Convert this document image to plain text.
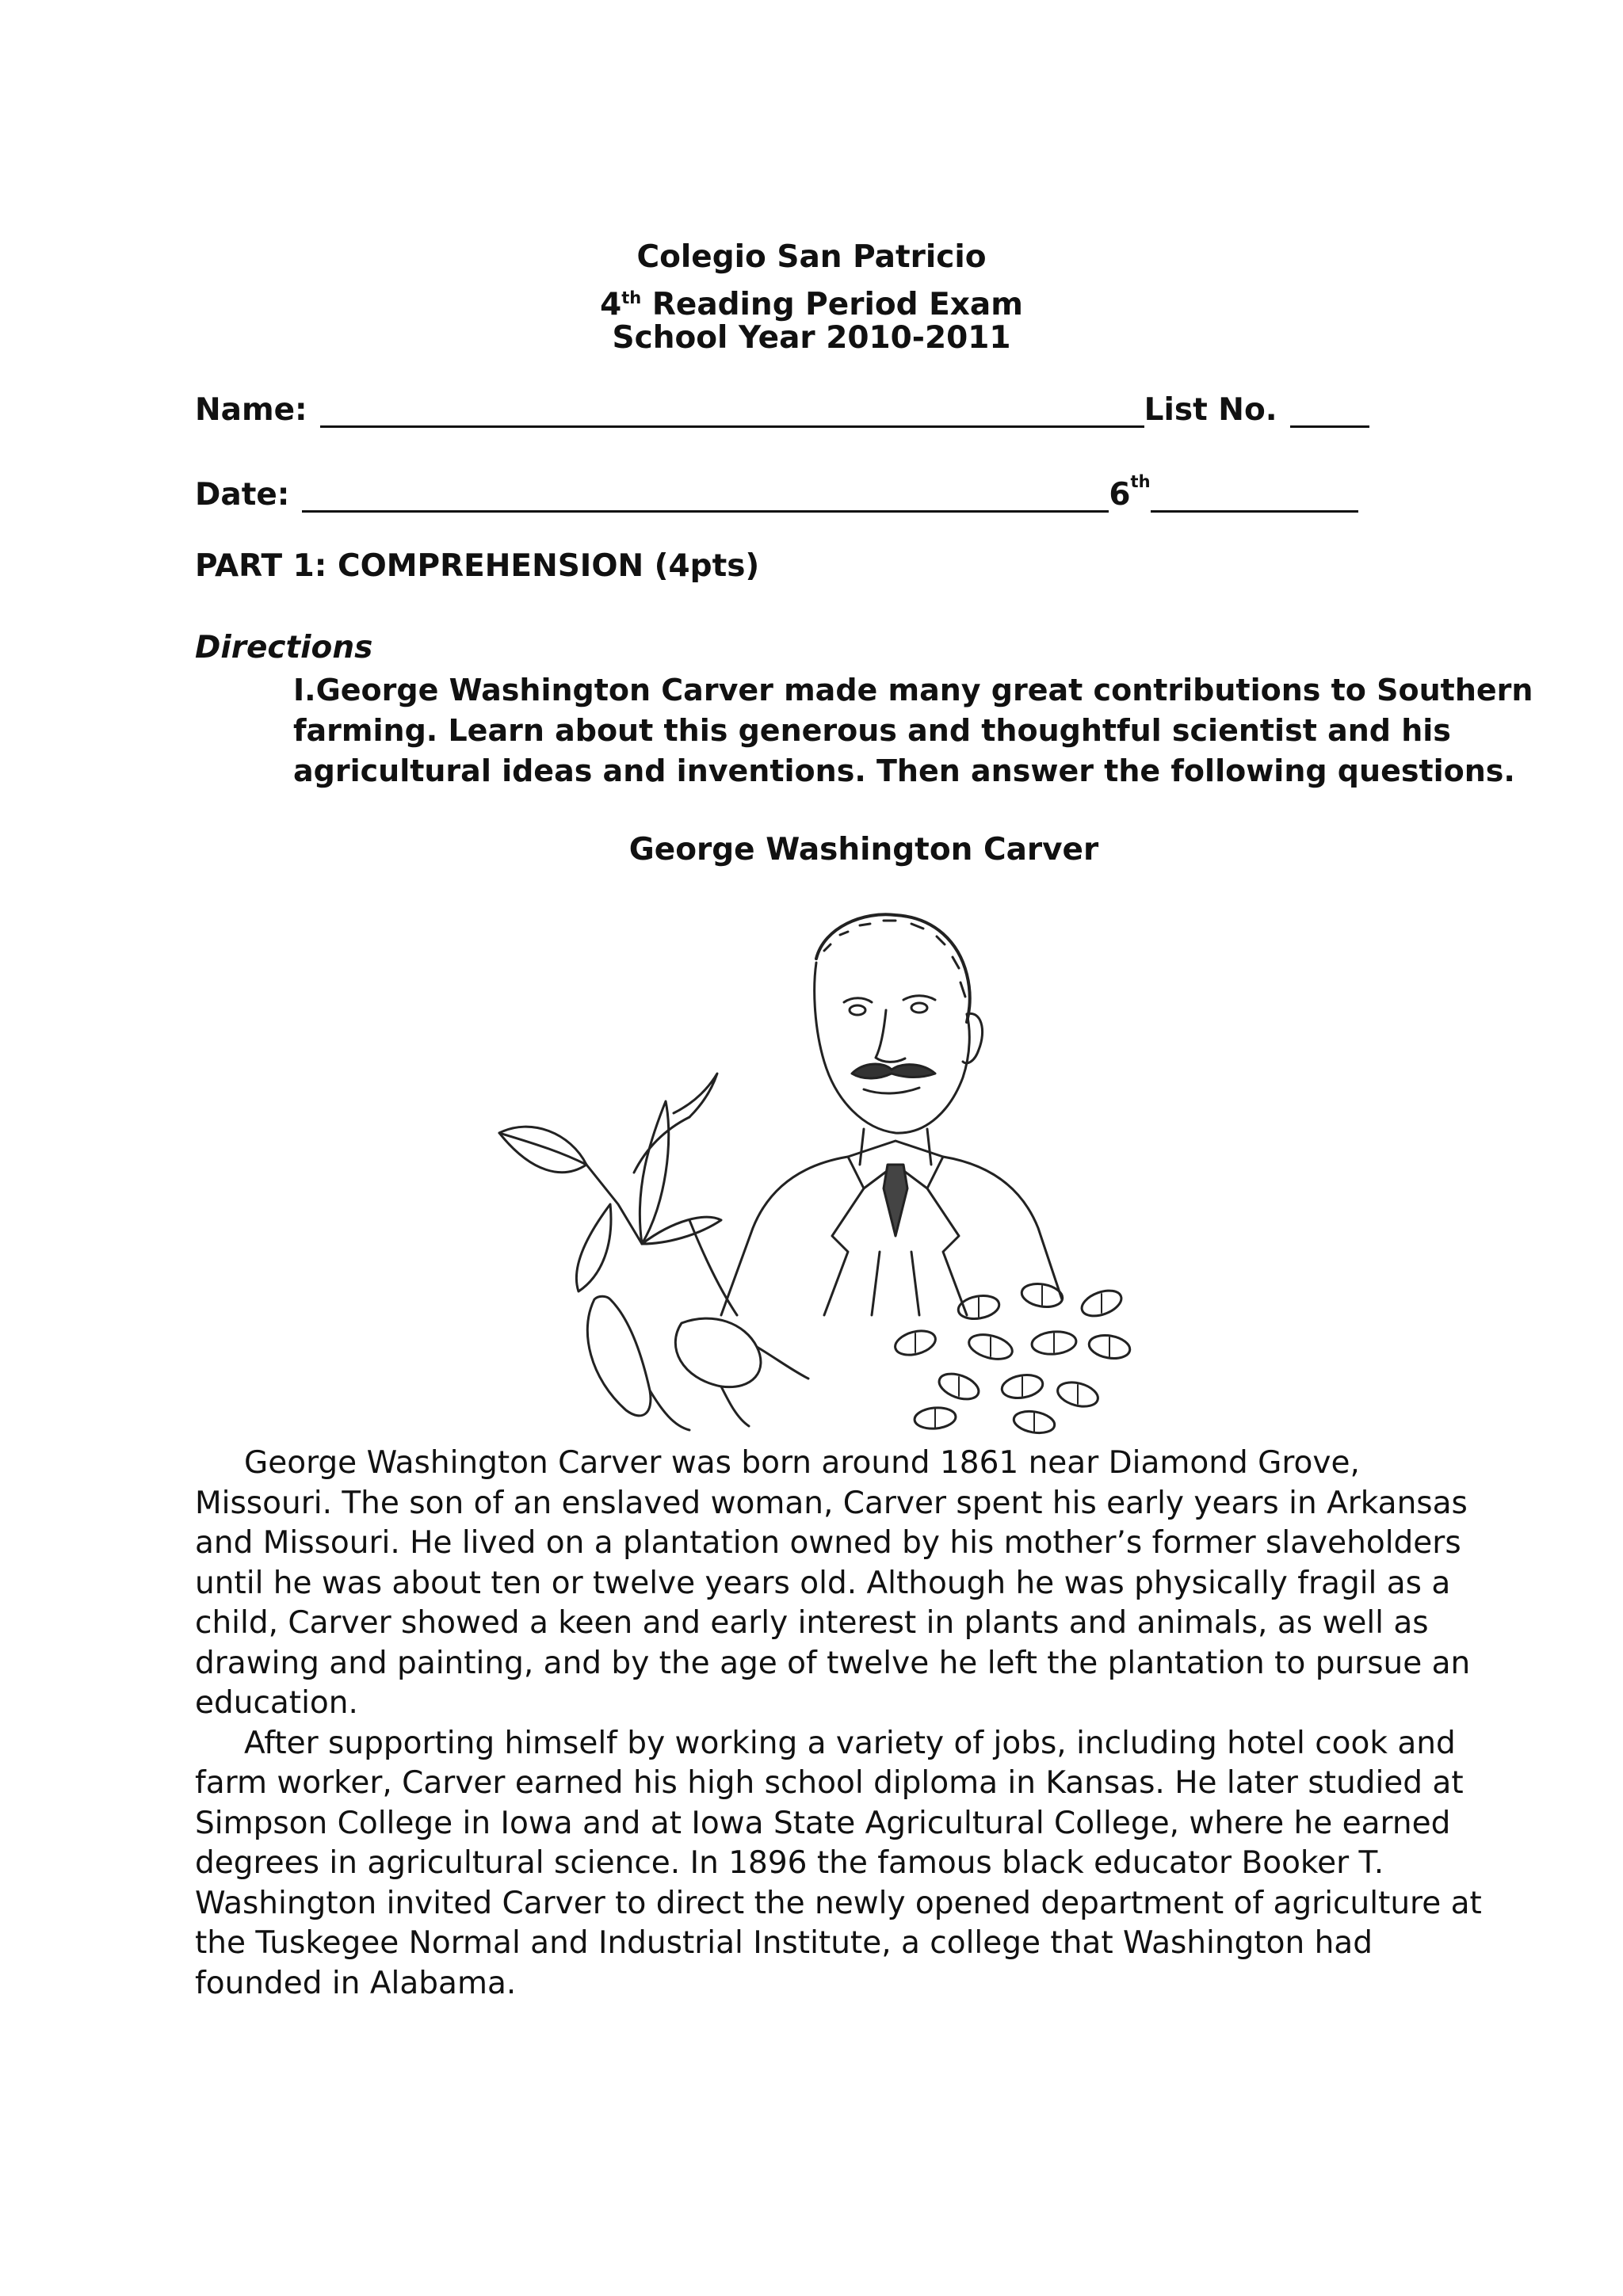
Colegio San Patricio
4th Reading Period Exam
School Year 2010-2011
Name:	List No.
Date:	6th
PART 1: COMPREHENSION (4pts)
Directions
I.George Washington Carver made many great contributions to Southern farming. Learn about this generous and thoughtful scientist and his agricultural ideas and inventions. Then answer the following questions.
George Washington Carver

George Washington Carver was born around 1861 near Diamond Grove, Missouri. The son of an enslaved woman, Carver spent his early years in Arkansas and Missouri. He lived on a plantation owned by his mother’s former slaveholders until he was about ten or twelve years old. Although he was physically fragil as a child, Carver showed a keen and early interest in plants and animals, as well as drawing and painting, and by the age of twelve he left the plantation to pursue an education.

After supporting himself by working a variety of jobs, including hotel cook and farm worker, Carver earned his high school diploma in Kansas. He later studied at Simpson College in Iowa and at Iowa State Agricultural College, where he earned degrees in agricultural science. In 1896 the famous black educator Booker T. Washington invited Carver to direct the newly opened department of agriculture at the Tuskegee Normal and Industrial Institute, a college that Washington had founded in Alabama.
